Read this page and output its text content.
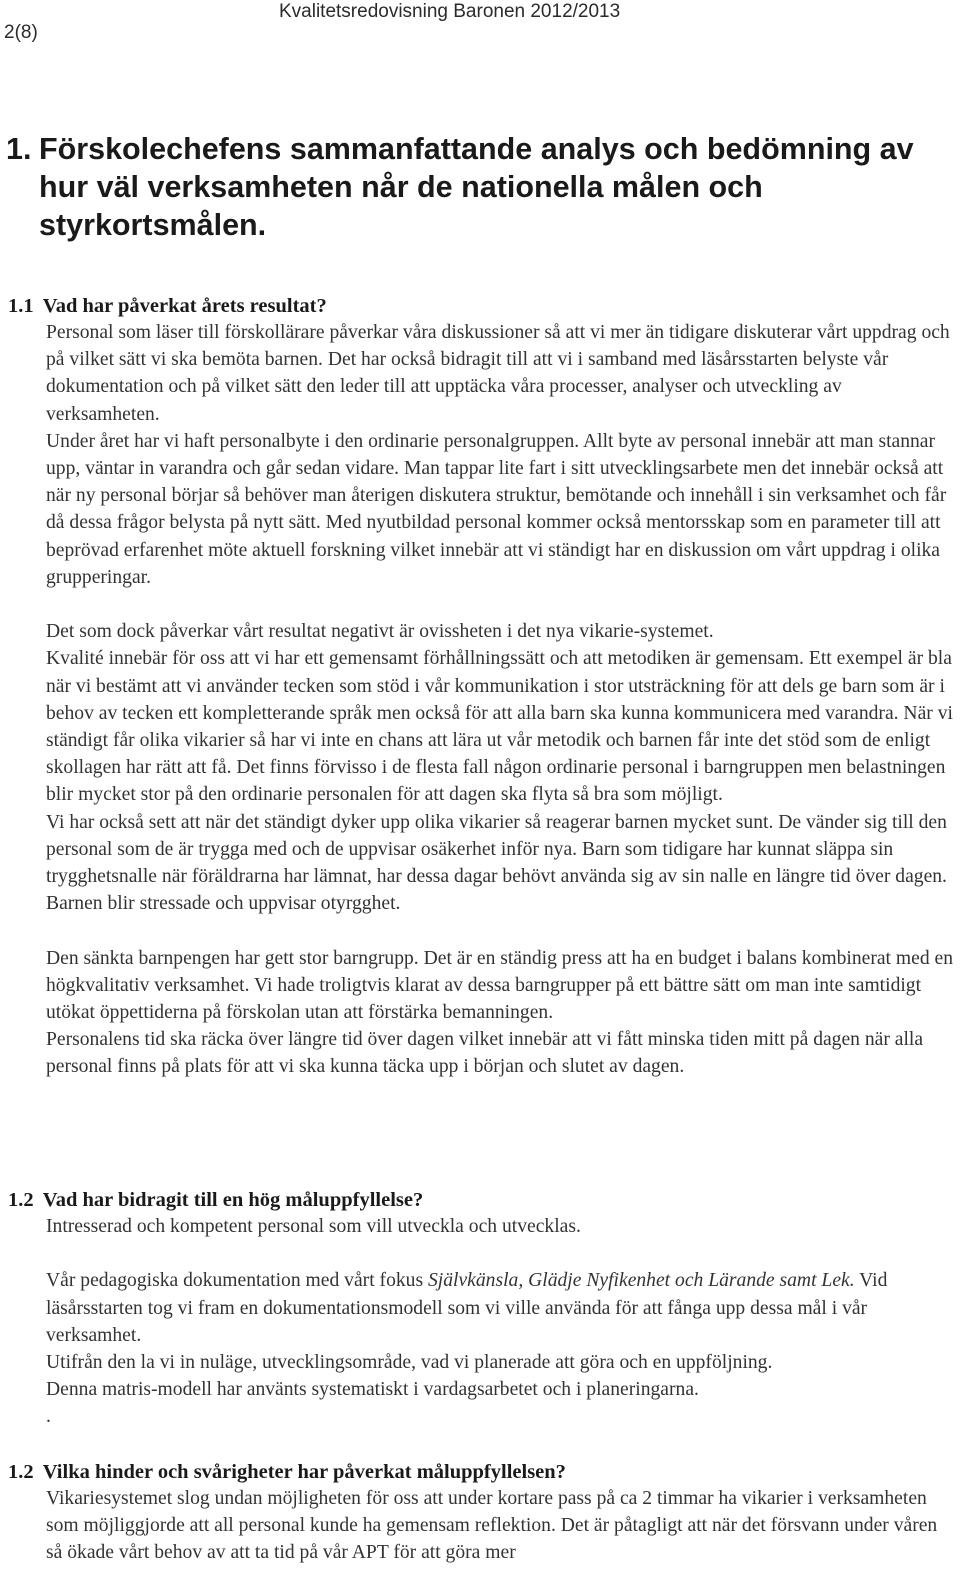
Kvalitetsredovisning Baronen 2012/2013
2(8)
1. Förskolechefens sammanfattande analys och bedömning av hur väl verksamheten når de nationella målen och styrkortsmålen.
1.1 Vad har påverkat årets resultat?

Personal som läser till förskollärare påverkar våra diskussioner så att vi mer än tidigare diskuterar vårt uppdrag och på vilket sätt vi ska bemöta barnen. Det har också bidragit till att vi i samband med läsårsstarten belyste vår dokumentation och på vilket sätt den leder till att upptäcka våra processer, analyser och utveckling av verksamheten.

Under året har vi haft personalbyte i den ordinarie personalgruppen. Allt byte av personal innebär att man stannar upp, väntar in varandra och går sedan vidare. Man tappar lite fart i sitt utvecklingsarbete men det innebär också att när ny personal börjar så behöver man återigen diskutera struktur, bemötande och innehåll i sin verksamhet och får då dessa frågor belysta på nytt sätt. Med nyutbildad personal kommer också mentorsskap som en parameter till att beprövad erfarenhet möte aktuell forskning vilket innebär att vi ständigt har en diskussion om vårt uppdrag i olika grupperingar.

Det som dock påverkar vårt resultat negativt är ovissheten i det nya vikarie-systemet.

Kvalité innebär för oss att vi har ett gemensamt förhållningssätt och att metodiken är gemensam. Ett exempel är bla när vi bestämt att vi använder tecken som stöd i vår kommunikation i stor utsträckning för att dels ge barn som är i behov av tecken ett kompletterande språk men också för att alla barn ska kunna kommunicera med varandra. När vi ständigt får olika vikarier så har vi inte en chans att lära ut vår metodik och barnen får inte det stöd som de enligt skollagen har rätt att få. Det finns förvisso i de flesta fall någon ordinarie personal i barngruppen men belastningen blir mycket stor på den ordinarie personalen för att dagen ska flyta så bra som möjligt.

Vi har också sett att när det ständigt dyker upp olika vikarier så reagerar barnen mycket sunt. De vänder sig till den personal som de är trygga med och de uppvisar osäkerhet inför nya. Barn som tidigare har kunnat släppa sin trygghetsnalle när föräldrarna har lämnat, har dessa dagar behövt använda sig av sin nalle en längre tid över dagen. Barnen blir stressade och uppvisar otyrgghet.

Den sänkta barnpengen har gett stor barngrupp. Det är en ständig press att ha en budget i balans kombinerat med en högkvalitativ verksamhet. Vi hade troligtvis klarat av dessa barngrupper på ett bättre sätt om man inte samtidigt utökat öppettiderna på förskolan utan att förstärka bemanningen.

Personalens tid ska räcka över längre tid över dagen vilket innebär att vi fått minska tiden mitt på dagen när alla personal finns på plats för att vi ska kunna täcka upp i början och slutet av dagen.

1.2 Vad har bidragit till en hög måluppfyllelse?

Intresserad och kompetent personal som vill utveckla och utvecklas.

Vår pedagogiska dokumentation med vårt fokus Självkänsla, Glädje Nyfikenhet och Lärande samt Lek. Vid läsårsstarten tog vi fram en dokumentationsmodell som vi ville använda för att fånga upp dessa mål i vår verksamhet.

Utifrån den la vi in nuläge, utvecklingsområde, vad vi planerade att göra och en uppföljning.

Denna matris-modell har använts systematiskt i vardagsarbetet och i planeringarna.

.

1.2 Vilka hinder och svårigheter har påverkat måluppfyllelsen?

Vikariesystemet slog undan möjligheten för oss att under kortare pass på ca 2 timmar ha vikarier i verksamheten som möjliggjorde att all personal kunde ha gemensam reflektion. Det är påtagligt att när det försvann under våren så ökade vårt behov av att ta tid på vår APT för att göra mer
